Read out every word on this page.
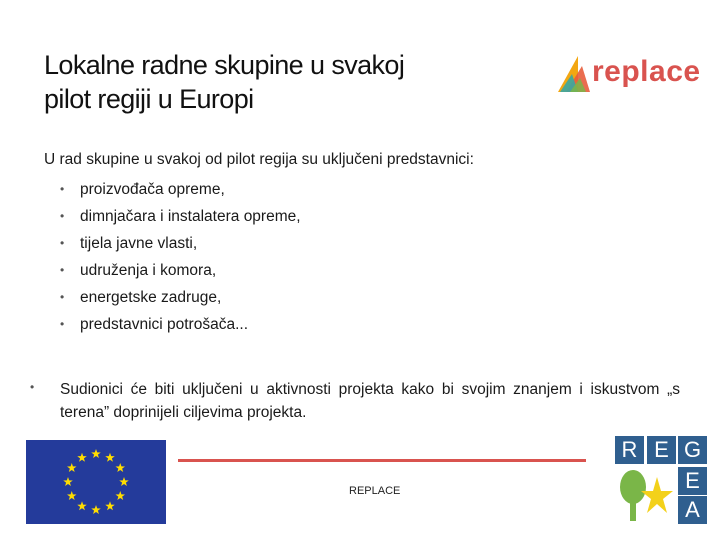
Lokalne radne skupine u svakoj
pilot regiji u Europi
replace
U rad skupine u svakoj od pilot regija su uključeni predstavnici:
• proizvođača opreme,
• dimnjačara i instalatera opreme,
• tijela javne vlasti,
• udruženja i komora,
• energetske zadruge,
• predstavnici potrošača...
• Sudionici će biti uključeni u aktivnosti projekta kako bi svojim znanjem i iskustvom „s terena” doprinijeli ciljevima projekta.
REPLACE
R E G
E
A
